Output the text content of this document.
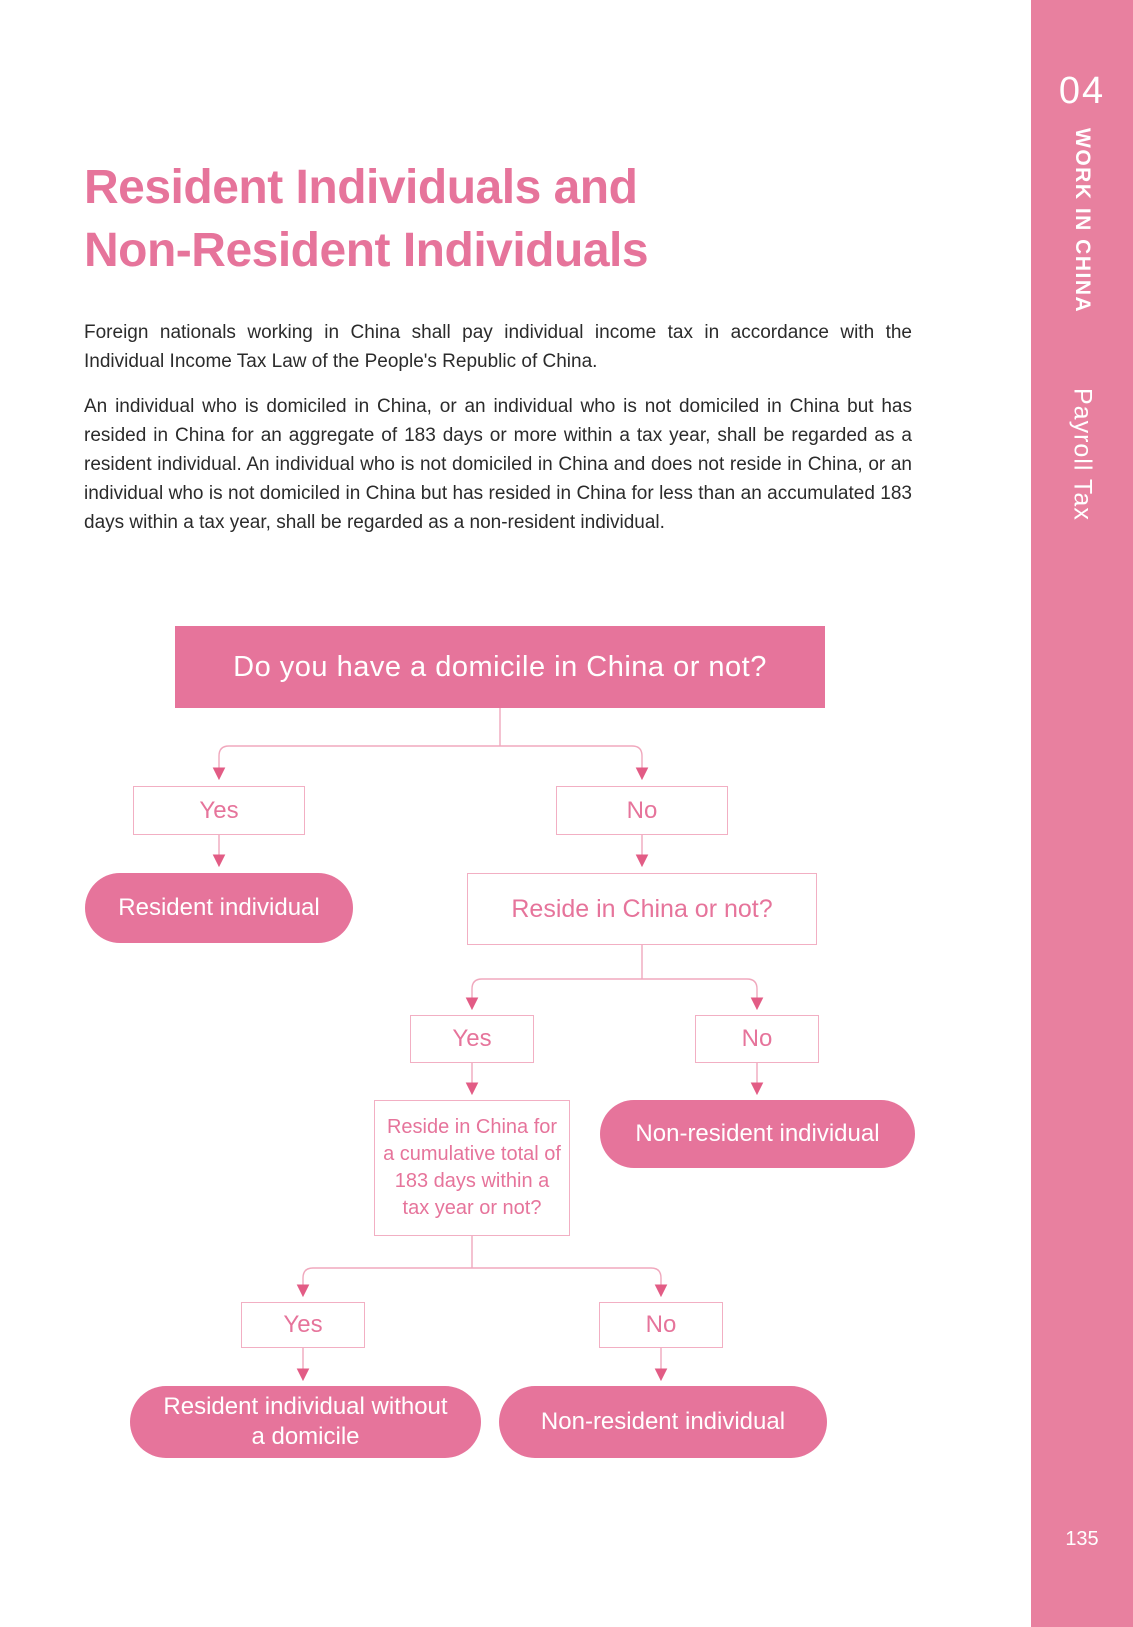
04
WORK IN CHINA
Payroll Tax
135
Resident Individuals and
Non-Resident Individuals

Foreign nationals working in China shall pay individual income tax in accordance with the Individual Income Tax Law of the People's Republic of China.

An individual who is domiciled in China, or an individual who is not domiciled in China but has resided in China for an aggregate of 183 days or more within a tax year, shall be regarded as a resident individual. An individual who is not domiciled in China and does not reside in China, or an individual who is not domiciled in China but has resided in China for less than an accumulated 183 days within a tax year, shall be regarded as a non-resident individual.

Do you have a domicile in China or not?
Yes	No
Resident individual	Reside in China or not?
Yes	No
Reside in China for a cumulative total of 183 days within a tax year or not?
Non-resident individual
Yes	No
Resident individual without a domicile
Non-resident individual
